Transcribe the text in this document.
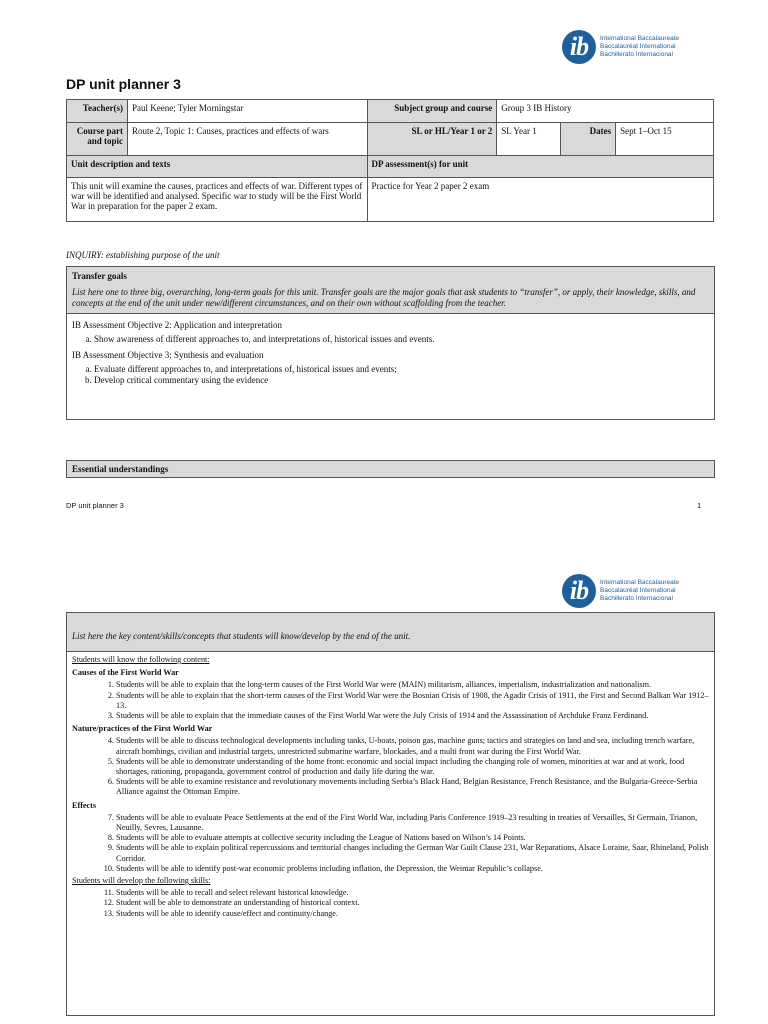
ib	International Baccalaureate
Baccalauréat International
Bachillerato Internacional
DP unit planner 3
Teacher(s)	Paul Keene; Tyler Morningstar	Subject group and course	Group 3 IB History		
Course part and topic	Route 2, Topic 1: Causes, practices and effects of wars	SL or HL/Year 1 or 2	SL Year 1	Dates	Sept 1–Oct 15
Unit description and texts		DP assessment(s) for unit			
This unit will examine the causes, practices and effects of war. Different types of war will be identified and analysed. Specific war to study will be the First World War in preparation for the paper 2 exam.		Practice for Year 2 paper 2 exam			
INQUIRY: establishing purpose of the unit
Transfer goals
List here one to three big, overarching, long-term goals for this unit. Transfer goals are the major goals that ask students to “transfer”, or apply, their knowledge, skills, and concepts at the end of the unit under new/different circumstances, and on their own without scaffolding from the teacher.
IB Assessment Objective 2: Application and interpretation
a. Show awareness of different approaches to, and interpretations of, historical issues and events.
IB Assessment Objective 3: Synthesis and evaluation
a. Evaluate different approaches to, and interpretations of, historical issues and events;
b. Develop critical commentary using the evidence
Essential understandings
DP unit planner 3	1
ib	International Baccalaureate
Baccalauréat International
Bachillerato Internacional
List here the key content/skills/concepts that students will know/develop by the end of the unit.
Students will know the following content:
Causes of the First World War
1. Students will be able to explain that the long-term causes of the First World War were (MAIN) militarism, alliances, imperialism, industrialization and nationalism.
2. Students will be able to explain that the short-term causes of the First World War were the Bosnian Crisis of 1908, the Agadir Crisis of 1911, the First and Second Balkan War 1912–13.
3. Students will be able to explain that the immediate causes of the First World War were the July Crisis of 1914 and the Assassination of Archduke Franz Ferdinand.
Nature/practices of the First World War
4. Students will be able to discuss technological developments including tanks, U-boats, poison gas, machine guns; tactics and strategies on land and sea, including trench warfare, aircraft bombings, civilian and industrial targets, unrestricted submarine warfare, blockades, and a multi front war during the First World War.
5. Students will be able to demonstrate understanding of the home front: economic and social impact including the changing role of women, minorities at war and at work, food shortages, rationing, propaganda, government control of production and daily life during the war.
6. Students will be able to examine resistance and revolutionary movements including Serbia’s Black Hand, Belgian Resistance, French Resistance, and the Bulgaria-Greece-Serbia Alliance against the Ottoman Empire.
Effects
7. Students will be able to evaluate Peace Settlements at the end of the First World War, including Paris Conference 1919–23 resulting in treaties of Versailles, St Germain, Trianon, Neuilly, Sevres, Lausanne.
8. Students will be able to evaluate attempts at collective security including the League of Nations based on Wilson’s 14 Points.
9. Students will be able to explain political repercussions and territorial changes including the German War Guilt Clause 231, War Reparations, Alsace Loraine, Saar, Rhineland, Polish Corridor.
10. Students will be able to identify post-war economic problems including inflation, the Depression, the Weimar Republic’s collapse.
Students will develop the following skills:
11. Students will be able to recall and select relevant historical knowledge.
12. Student will be able to demonstrate an understanding of historical context.
13. Students will be able to identify cause/effect and continuity/change.
